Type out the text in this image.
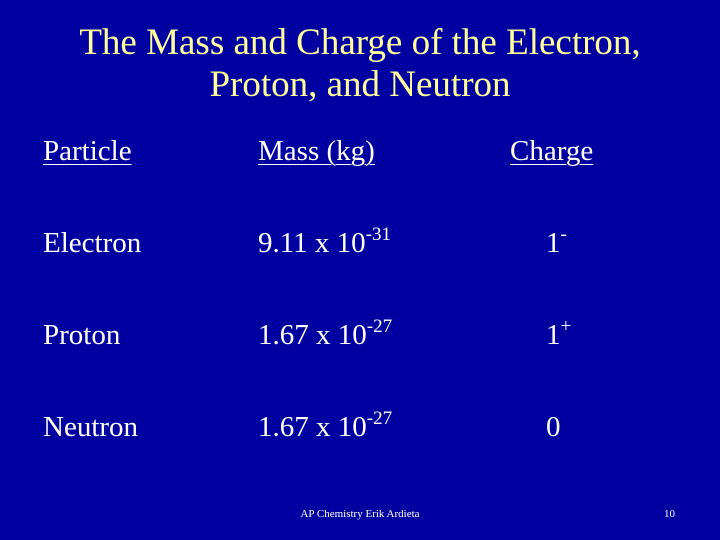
The Mass and Charge of the Electron,
Proton, and Neutron
Particle	Mass (kg)	Charge
Electron	9.11 x $10^{-31}$	1-
Proton	1.67 x $10^{-27}$	1+
Neutron	1.67 x $10^{-27}$	0
AP Chemistry Erik Ardieta	10
